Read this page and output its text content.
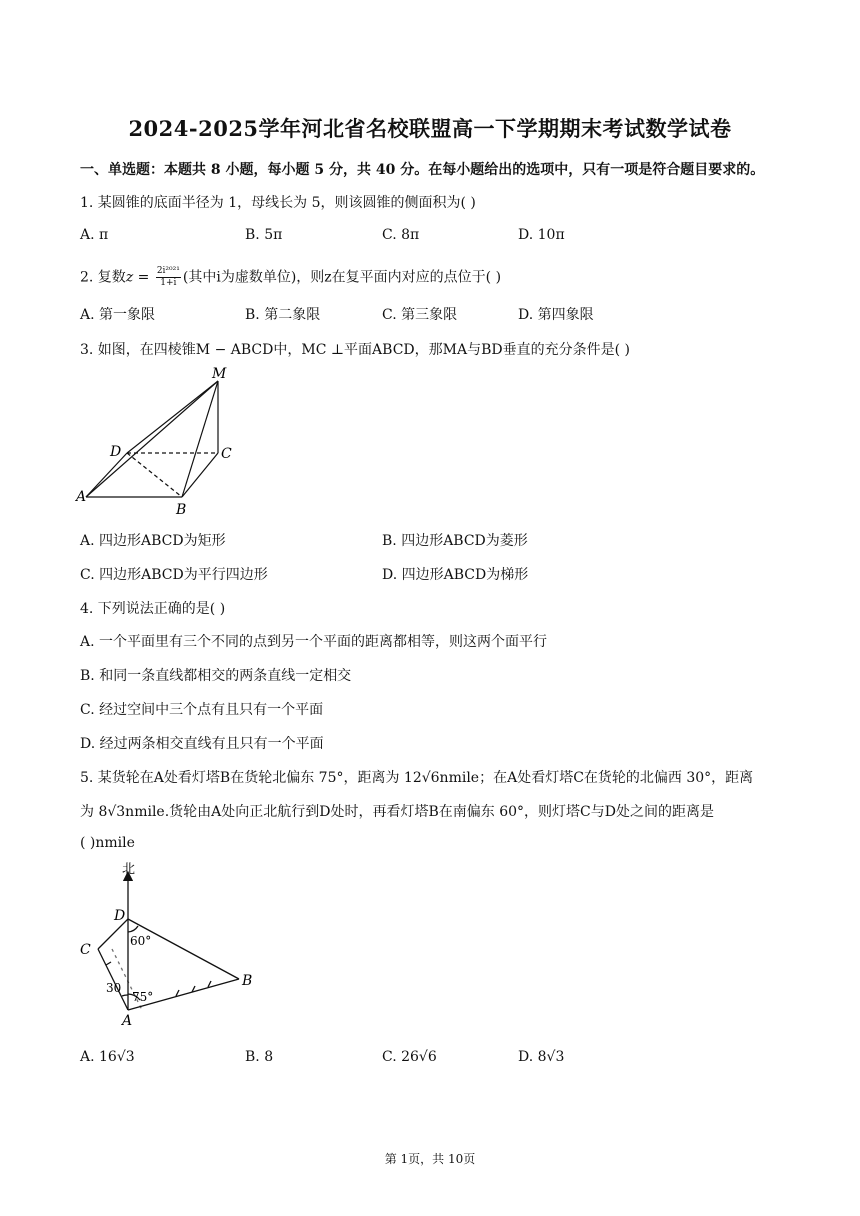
2024-2025学年河北省名校联盟高一下学期期末考试数学试卷
一、单选题：本题共 8 小题，每小题 5 分，共 40 分。在每小题给出的选项中，只有一项是符合题目要求的。
1. 某圆锥的底面半径为 1，母线长为 5，则该圆锥的侧面积为( )
A. π	B. 5π	C. 8π	D. 10π
2. 复数$z = \frac{\text{2i²⁰²¹}}{1+i}$ (其中i为虚数单位)，则z在复平面内对应的点位于( )
A. 第一象限	B. 第二象限	C. 第三象限	D. 第四象限
3. 如图，在四棱锥M − ABCD中，MC ⊥平面ABCD，那MA与BD垂直的充分条件是( )
M
D	C
A
B
A. 四边形ABCD为矩形	B. 四边形ABCD为菱形
C. 四边形ABCD为平行四边形	D. 四边形ABCD为梯形
4. 下列说法正确的是( )
A. 一个平面里有三个不同的点到另一个平面的距离都相等，则这两个面平行
B. 和同一条直线都相交的两条直线一定相交
C. 经过空间中三个点有且只有一个平面
D. 经过两条相交直线有且只有一个平面
5. 某货轮在A处看灯塔B在货轮北偏东 75°，距离为 12√6nmile；在A处看灯塔C在货轮的北偏西 30°，距离
为 8√3nmile.货轮由A处向正北航行到D处时，再看灯塔B在南偏东 60°，则灯塔C与D处之间的距离是
( )nmile
北
D
C
A
B
60°
30
75°
A. 16√3	B. 8	C. 26√6	D. 8√3
第 1页，共 10页
